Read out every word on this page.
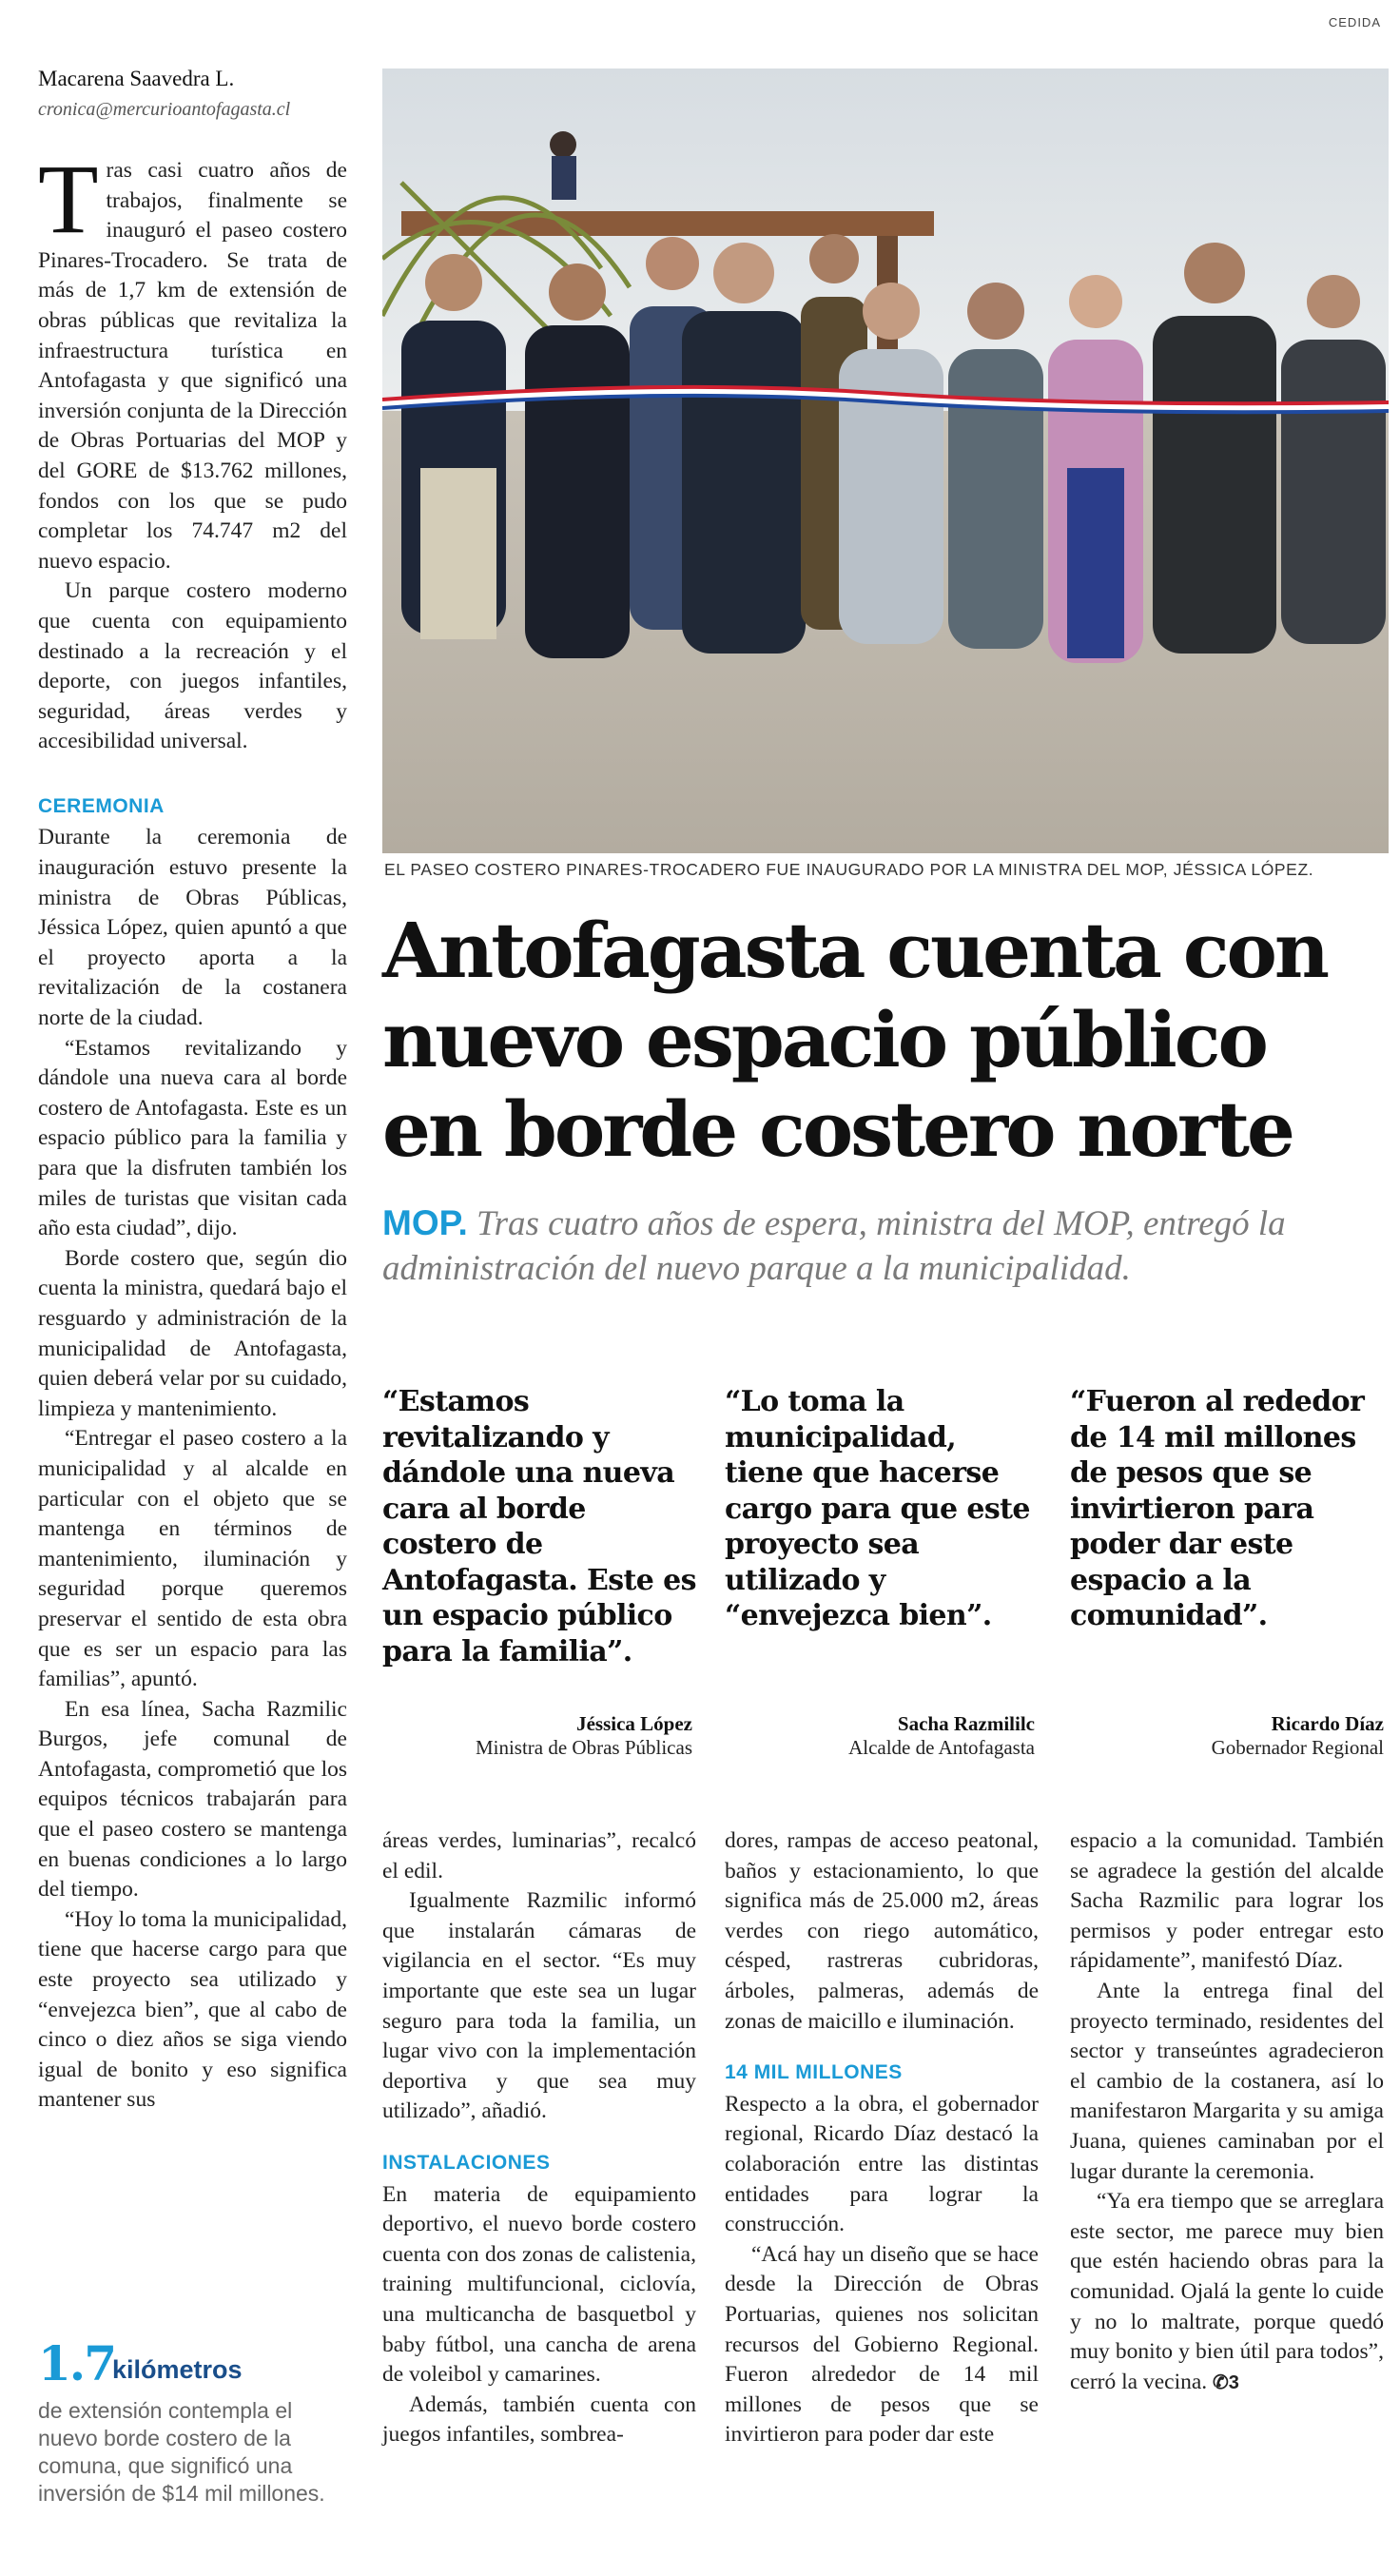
CEDIDA
Macarena Saavedra L.
cronica@mercurioantofagasta.cl

Tras casi cuatro años de trabajos, finalmente se inauguró el paseo costero Pinares-Trocadero. Se trata de más de 1,7 km de extensión de obras públicas que revitaliza la infraestructura turística en Antofagasta y que significó una inversión conjunta de la Dirección de Obras Portuarias del MOP y del GORE de $13.762 millones, fondos con los que se pudo completar los 74.747 m2 del nuevo espacio.

Un parque costero moderno que cuenta con equipamiento destinado a la recreación y el deporte, con juegos infantiles, seguridad, áreas verdes y accesibilidad universal.

CEREMONIA

Durante la ceremonia de inauguración estuvo presente la ministra de Obras Públicas, Jéssica López, quien apuntó a que el proyecto aporta a la revitalización de la costanera norte de la ciudad.

“Estamos revitalizando y dándole una nueva cara al borde costero de Antofagasta. Este es un espacio público para la familia y para que la disfruten también los miles de turistas que visitan cada año esta ciudad”, dijo.

Borde costero que, según dio cuenta la ministra, quedará bajo el resguardo y administración de la municipalidad de Antofagasta, quien deberá velar por su cuidado, limpieza y mantenimiento.

“Entregar el paseo costero a la municipalidad y al alcalde en particular con el objeto que se mantenga en términos de mantenimiento, iluminación y seguridad porque queremos preservar el sentido de esta obra que es ser un espacio para las familias”, apuntó.

En esa línea, Sacha Razmilic Burgos, jefe comunal de Antofagasta, comprometió que los equipos técnicos trabajarán para que el paseo costero se mantenga en buenas condiciones a lo largo del tiempo.

“Hoy lo toma la municipalidad, tiene que hacerse cargo para que este proyecto sea utilizado y “envejezca bien”, que al cabo de cinco o diez años se siga viendo igual de bonito y eso significa mantener sus

1.7
kilómetros
de extensión contempla el nuevo borde costero de la comuna, que significó una inversión de $14 mil millones.
EL PASEO COSTERO PINARES-TROCADERO FUE INAUGURADO POR LA MINISTRA DEL MOP, JÉSSICA LÓPEZ.
Antofagasta cuenta con
nuevo espacio público
en borde costero norte
MOP. Tras cuatro años de espera, ministra del MOP, entregó la administración del nuevo parque a la municipalidad.
“Estamos revitalizando y dándole una nueva cara al borde costero de Antofagasta. Este es un espacio público para la familia”.
Jéssica López
Ministra de Obras Públicas
“Lo toma la municipalidad, tiene que hacerse cargo para que este proyecto sea utilizado y “envejezca bien”.
Sacha Razmililc
Alcalde de Antofagasta
“Fueron al rededor de 14 mil millones de pesos que se invirtieron para poder dar este espacio a la comunidad”.
Ricardo Díaz
Gobernador Regional

áreas verdes, luminarias”, recalcó el edil.

Igualmente Razmilic informó que instalarán cámaras de vigilancia en el sector. “Es muy importante que este sea un lugar seguro para toda la familia, un lugar vivo con la implementación deportiva y que sea muy utilizado”, añadió.

INSTALACIONES

En materia de equipamiento deportivo, el nuevo borde costero cuenta con dos zonas de calistenia, training multifuncional, ciclovía, una multicancha de basquetbol y baby fútbol, una cancha de arena de voleibol y camarines.

Además, también cuenta con juegos infantiles, sombrea-

dores, rampas de acceso peatonal, baños y estacionamiento, lo que significa más de 25.000 m2, áreas verdes con riego automático, césped, rastreras cubridoras, árboles, palmeras, además de zonas de maicillo e iluminación.

14 MIL MILLONES

Respecto a la obra, el gobernador regional, Ricardo Díaz destacó la colaboración entre las distintas entidades para lograr la construcción.

“Acá hay un diseño que se hace desde la Dirección de Obras Portuarias, quienes nos solicitan recursos del Gobierno Regional. Fueron alrededor de 14 mil millones de pesos que se invirtieron para poder dar este

espacio a la comunidad. También se agradece la gestión del alcalde Sacha Razmilic para lograr los permisos y poder entregar esto rápidamente”, manifestó Díaz.

Ante la entrega final del proyecto terminado, residentes del sector y transeúntes agradecieron el cambio de la costanera, así lo manifestaron Margarita y su amiga Juana, quienes caminaban por el lugar durante la ceremonia.

“Ya era tiempo que se arreglara este sector, me parece muy bien que estén haciendo obras para la comunidad. Ojalá la gente lo cuide y no lo maltrate, porque quedó muy bonito y bien útil para todos”, cerró la vecina. ✆3
